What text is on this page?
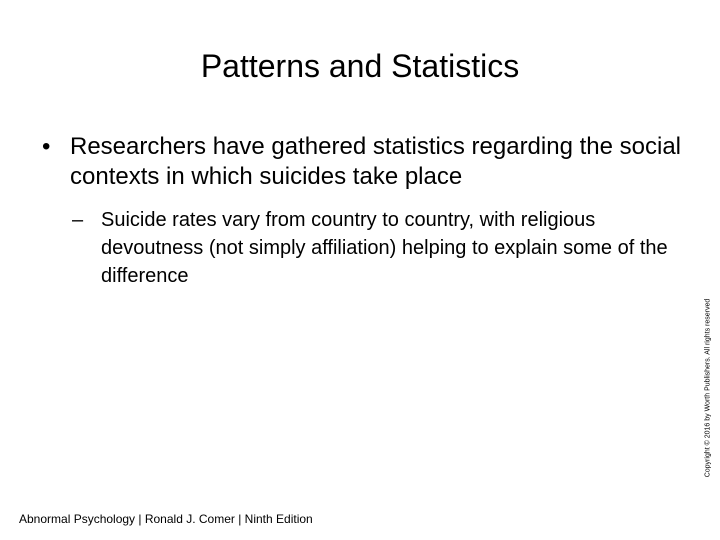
Patterns and Statistics
• Researchers have gathered statistics regarding the social contexts in which suicides take place
– Suicide rates vary from country to country, with religious devoutness (not simply affiliation) helping to explain some of the difference
Abnormal Psychology | Ronald J. Comer | Ninth Edition
Copyright © 2016 by Worth Publishers. All rights reserved
